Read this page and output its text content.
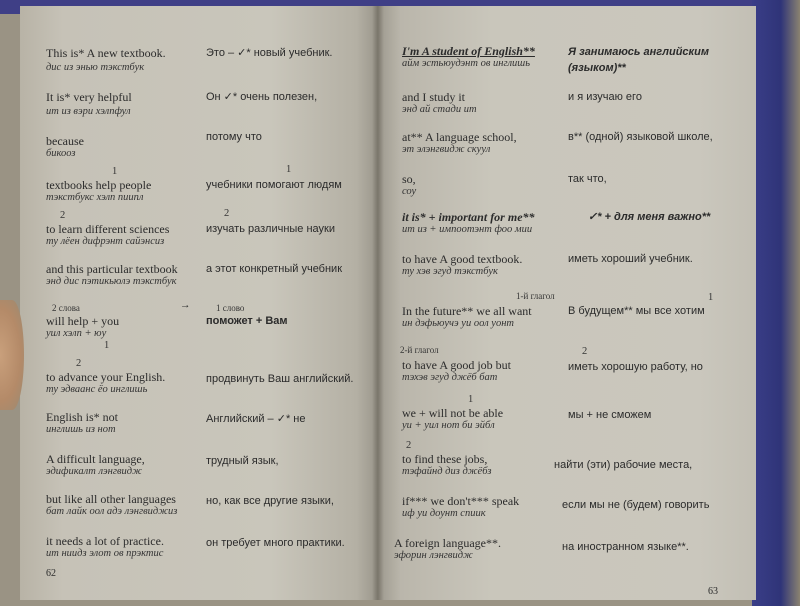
This is* A new textbook.
дис из энью тэкстбук
Это – ✓* новый учебник.
It is* very helpful
ит из вэри хэлпфул
Он ✓* очень полезен,
because
бикооз
потому что
1	1
textbooks help people
тэкстбукс хэлп пиипл
учебники помогают людям
2	2
to learn different sciences
ту лёен дифрэнт сайэнсиз
изучать различные науки
and this particular textbook
энд дис пэтикьюлэ тэкстбук
а этот конкретный учебник
2 слова	→	1 слово
will help + you
уил хэлп + юу
1
поможет + Вам
2
to advance your English.
ту эдваанс ёо инглишь
продвинуть Ваш английский.
English is* not
инглишь из нот
Английский – ✓* не
A difficult language,
эдификалт лэнгвидж
трудный язык,
but like all other languages
бат лайк оол адэ лэнгвиджиз
но, как все другие языки,
it needs a lot of practice.
ит ниидз элот ов прэктис
он требует много практики.
62
I'm A student of English**
айм эстьюудэнт ов инглишь
Я занимаюсь английским (языком)**
and I study it
энд ай стади ит
и я изучаю его
at** A language school,
эт элэнгвидж скуул
в** (одной) языковой школе,
so,
соу
так что,
it is* + important for me**
ит из + импоотэнт фоо мии
✓* + для меня важно**
to have A good textbook.
ту хэв эгуд тэкстбук
иметь хороший учебник.
1-й глагол	1
In the future** we all want
ин дэфьюучэ уи оол уонт
В будущем** мы все хотим
2-й глагол	2
to have A good job but
тэхэв эгуд джёб бат
иметь хорошую работу, но
1
we + will not be able
уи + уил нот би эйбл
мы + не сможем
2
to find these jobs,
тэфайнд диз джёбз
найти (эти) рабочие места,
if*** we don't*** speak
иф уи доунт спиик
если мы не (будем) говорить
A foreign language**.
эфорин лэнгвидж
на иностранном языке**.
63
